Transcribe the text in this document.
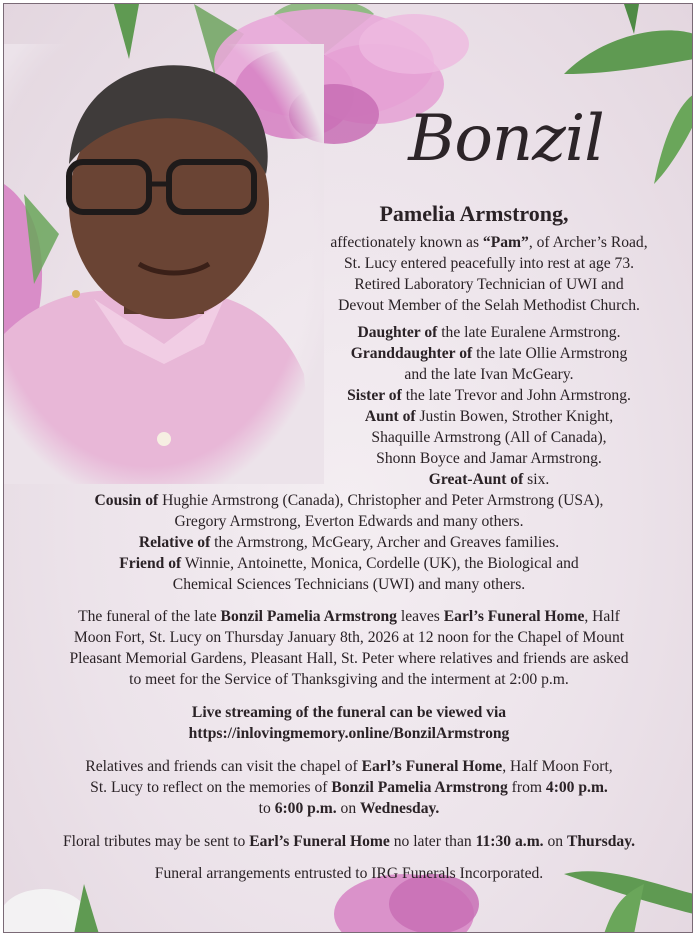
Bonzil
Pamelia Armstrong,
affectionately known as “Pam”, of Archer’s Road,
St. Lucy entered peacefully into rest at age 73.
Retired Laboratory Technician of UWI and
Devout Member of the Selah Methodist Church.
Daughter of the late Euralene Armstrong.
Granddaughter of the late Ollie Armstrong
and the late Ivan McGeary.
Sister of the late Trevor and John Armstrong.
Aunt of Justin Bowen, Strother Knight,
Shaquille Armstrong (All of Canada),
Shonn Boyce and Jamar Armstrong.
Great-Aunt of six.
Cousin of Hughie Armstrong (Canada), Christopher and Peter Armstrong (USA),
Gregory Armstrong, Everton Edwards and many others.
Relative of the Armstrong, McGeary, Archer and Greaves families.
Friend of Winnie, Antoinette, Monica, Cordelle (UK), the Biological and
Chemical Sciences Technicians (UWI) and many others.
The funeral of the late Bonzil Pamelia Armstrong leaves Earl’s Funeral Home, Half
Moon Fort, St. Lucy on Thursday January 8th, 2026 at 12 noon for the Chapel of Mount
Pleasant Memorial Gardens, Pleasant Hall, St. Peter where relatives and friends are asked
to meet for the Service of Thanksgiving and the interment at 2:00 p.m.
Live streaming of the funeral can be viewed via
https://inlovingmemory.online/BonzilArmstrong
Relatives and friends can visit the chapel of Earl’s Funeral Home, Half Moon Fort,
St. Lucy to reflect on the memories of Bonzil Pamelia Armstrong from 4:00 p.m.
to 6:00 p.m. on Wednesday.
Floral tributes may be sent to Earl’s Funeral Home no later than 11:30 a.m. on Thursday.
Funeral arrangements entrusted to IRG Funerals Incorporated.
